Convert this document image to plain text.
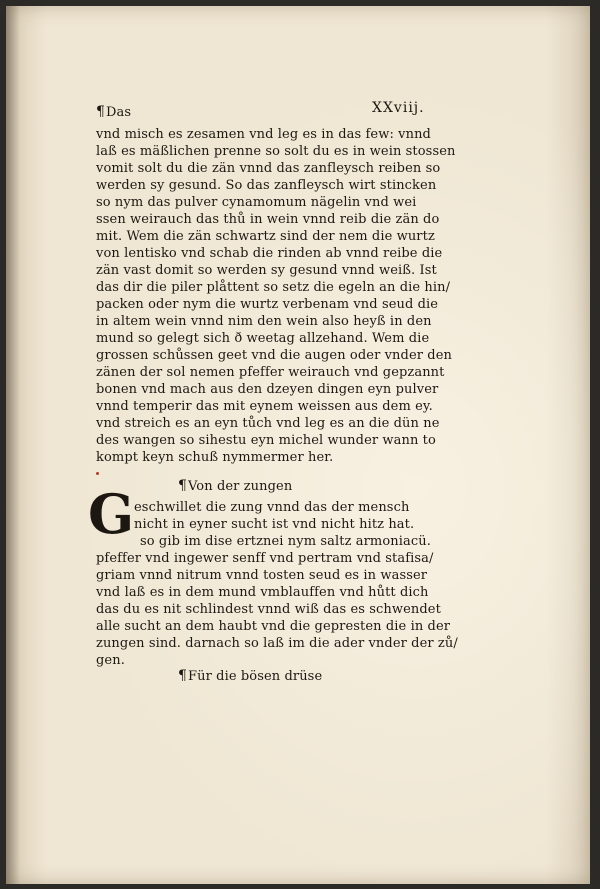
XXviij.

¶Das

vnd misch es zesamen vnd leg es in das few: vnnd

laß es mäßlichen prenne so solt du es in wein stossen

vomit solt du die zän vnnd das zanfleysch reiben so

werden sy gesund. So das zanfleysch wirt stincken

so nym das pulver cynamomum nägelin vnd wei

ssen weirauch das thů in wein vnnd reib die zän do

mit. Wem die zän schwartz sind der nem die wurtz

von lentisko vnd schab die rinden ab vnnd reibe die

zän vast domit so werden sy gesund vnnd weiß. Ist

das dir die piler plåttent so setz die egeln an die hin/

packen oder nym die wurtz verbenam vnd seud die

in altem wein vnnd nim den wein also heyß in den

mund so gelegt sich ð weetag allzehand. Wem die

grossen schůssen geet vnd die augen oder vnder den

zänen der sol nemen pfeffer weirauch vnd gepzannt

bonen vnd mach aus den dzeyen dingen eyn pulver

vnnd temperir das mit eynem weissen aus dem ey.

vnd streich es an eyn tůch vnd leg es an die dün ne

des wangen so sihestu eyn michel wunder wann to

kompt keyn schuß nymmermer her.

¶Von der zungen

G eschwillet die zung vnnd das der mensch

nicht in eyner sucht ist vnd nicht hitz hat.

so gib im dise ertznei nym saltz armoniacü.

pfeffer vnd ingewer senff vnd pertram vnd stafisa/

griam vnnd nitrum vnnd tosten seud es in wasser

vnd laß es in dem mund vmblauffen vnd hůtt dich

das du es nit schlindest vnnd wiß das es schwendet

alle sucht an dem haubt vnd die gepresten die in der

zungen sind. darnach so laß im die ader vnder der zů/

gen.

¶Für die bösen drüse
